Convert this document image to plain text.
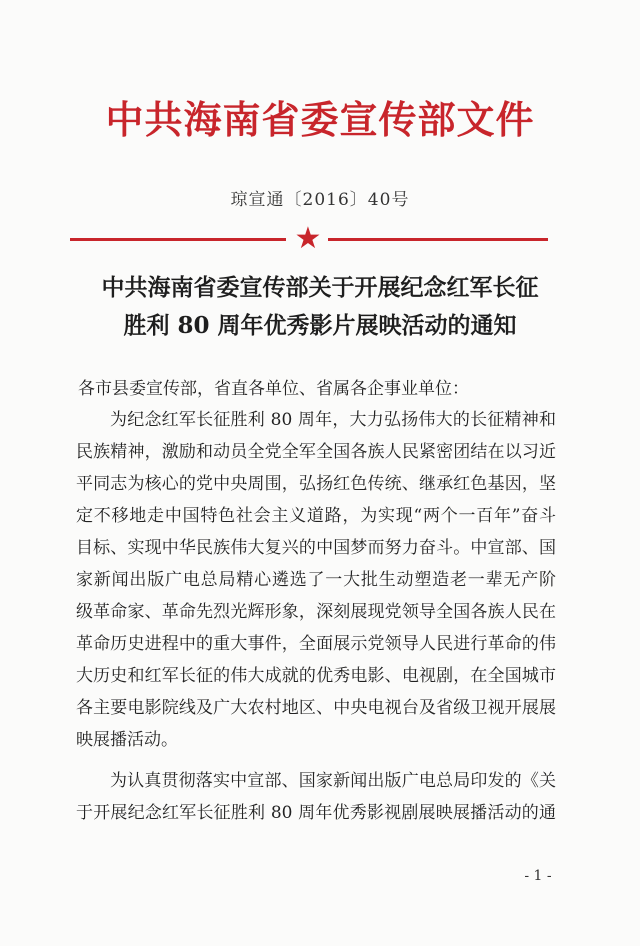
中共海南省委宣传部文件
琼宣通〔2016〕40号
★
中共海南省委宣传部关于开展纪念红军长征
胜利 80 周年优秀影片展映活动的通知
各市县委宣传部，省直各单位、省属各企事业单位：
为纪念红军长征胜利 80 周年，大力弘扬伟大的长征精神和
民族精神，激励和动员全党全军全国各族人民紧密团结在以习近
平同志为核心的党中央周围，弘扬红色传统、继承红色基因，坚
定不移地走中国特色社会主义道路，为实现“两个一百年”奋斗
目标、实现中华民族伟大复兴的中国梦而努力奋斗。中宣部、国
家新闻出版广电总局精心遴选了一大批生动塑造老一辈无产阶
级革命家、革命先烈光辉形象，深刻展现党领导全国各族人民在
革命历史进程中的重大事件，全面展示党领导人民进行革命的伟
大历史和红军长征的伟大成就的优秀电影、电视剧，在全国城市
各主要电影院线及广大农村地区、中央电视台及省级卫视开展展
映展播活动。
为认真贯彻落实中宣部、国家新闻出版广电总局印发的《关
于开展纪念红军长征胜利 80 周年优秀影视剧展映展播活动的通
- 1 -
